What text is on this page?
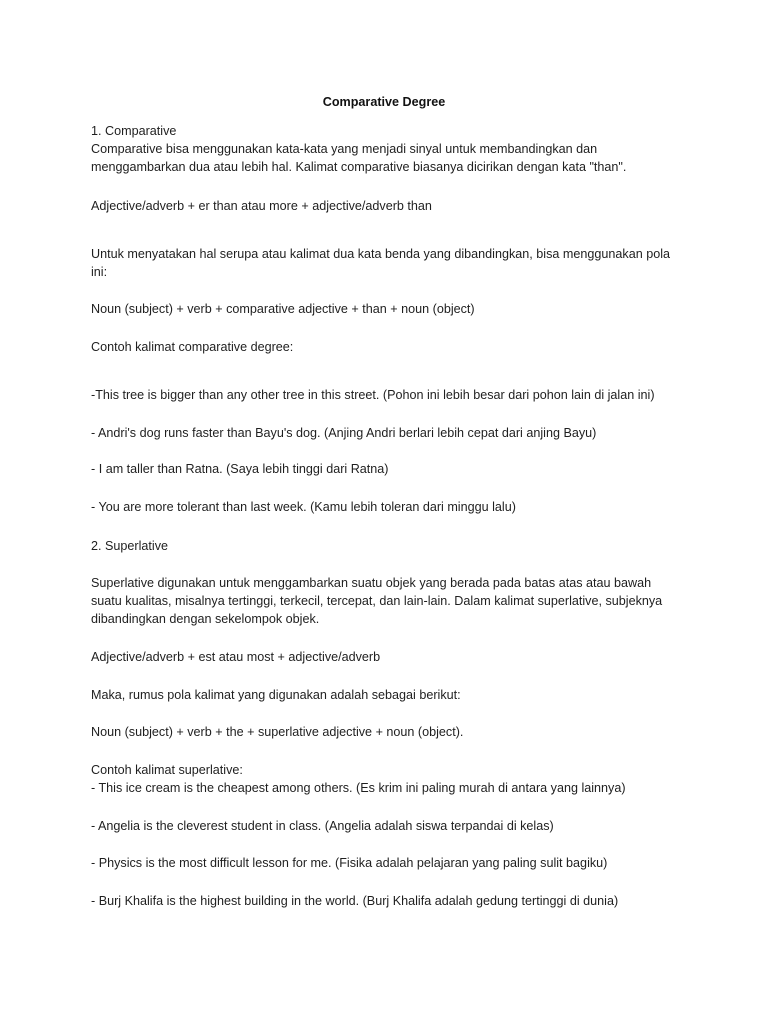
Comparative Degree
1. Comparative
Comparative bisa menggunakan kata-kata yang menjadi sinyal untuk membandingkan dan
menggambarkan dua atau lebih hal. Kalimat comparative biasanya dicirikan dengan kata "than".
Adjective/adverb + er than atau more + adjective/adverb than
Untuk menyatakan hal serupa atau kalimat dua kata benda yang dibandingkan, bisa menggunakan pola
ini:
Noun (subject) + verb + comparative adjective + than + noun (object)
Contoh kalimat comparative degree:
-This tree is bigger than any other tree in this street. (Pohon ini lebih besar dari pohon lain di jalan ini)
- Andri's dog runs faster than Bayu's dog. (Anjing Andri berlari lebih cepat dari anjing Bayu)
- I am taller than Ratna. (Saya lebih tinggi dari Ratna)
- You are more tolerant than last week. (Kamu lebih toleran dari minggu lalu)
2. Superlative
Superlative digunakan untuk menggambarkan suatu objek yang berada pada batas atas atau bawah
suatu kualitas, misalnya tertinggi, terkecil, tercepat, dan lain-lain. Dalam kalimat superlative, subjeknya
dibandingkan dengan sekelompok objek.
Adjective/adverb + est atau most + adjective/adverb
Maka, rumus pola kalimat yang digunakan adalah sebagai berikut:
Noun (subject) + verb + the + superlative adjective + noun (object).
Contoh kalimat superlative:
- This ice cream is the cheapest among others. (Es krim ini paling murah di antara yang lainnya)
- Angelia is the cleverest student in class. (Angelia adalah siswa terpandai di kelas)
- Physics is the most difficult lesson for me. (Fisika adalah pelajaran yang paling sulit bagiku)
- Burj Khalifa is the highest building in the world. (Burj Khalifa adalah gedung tertinggi di dunia)
